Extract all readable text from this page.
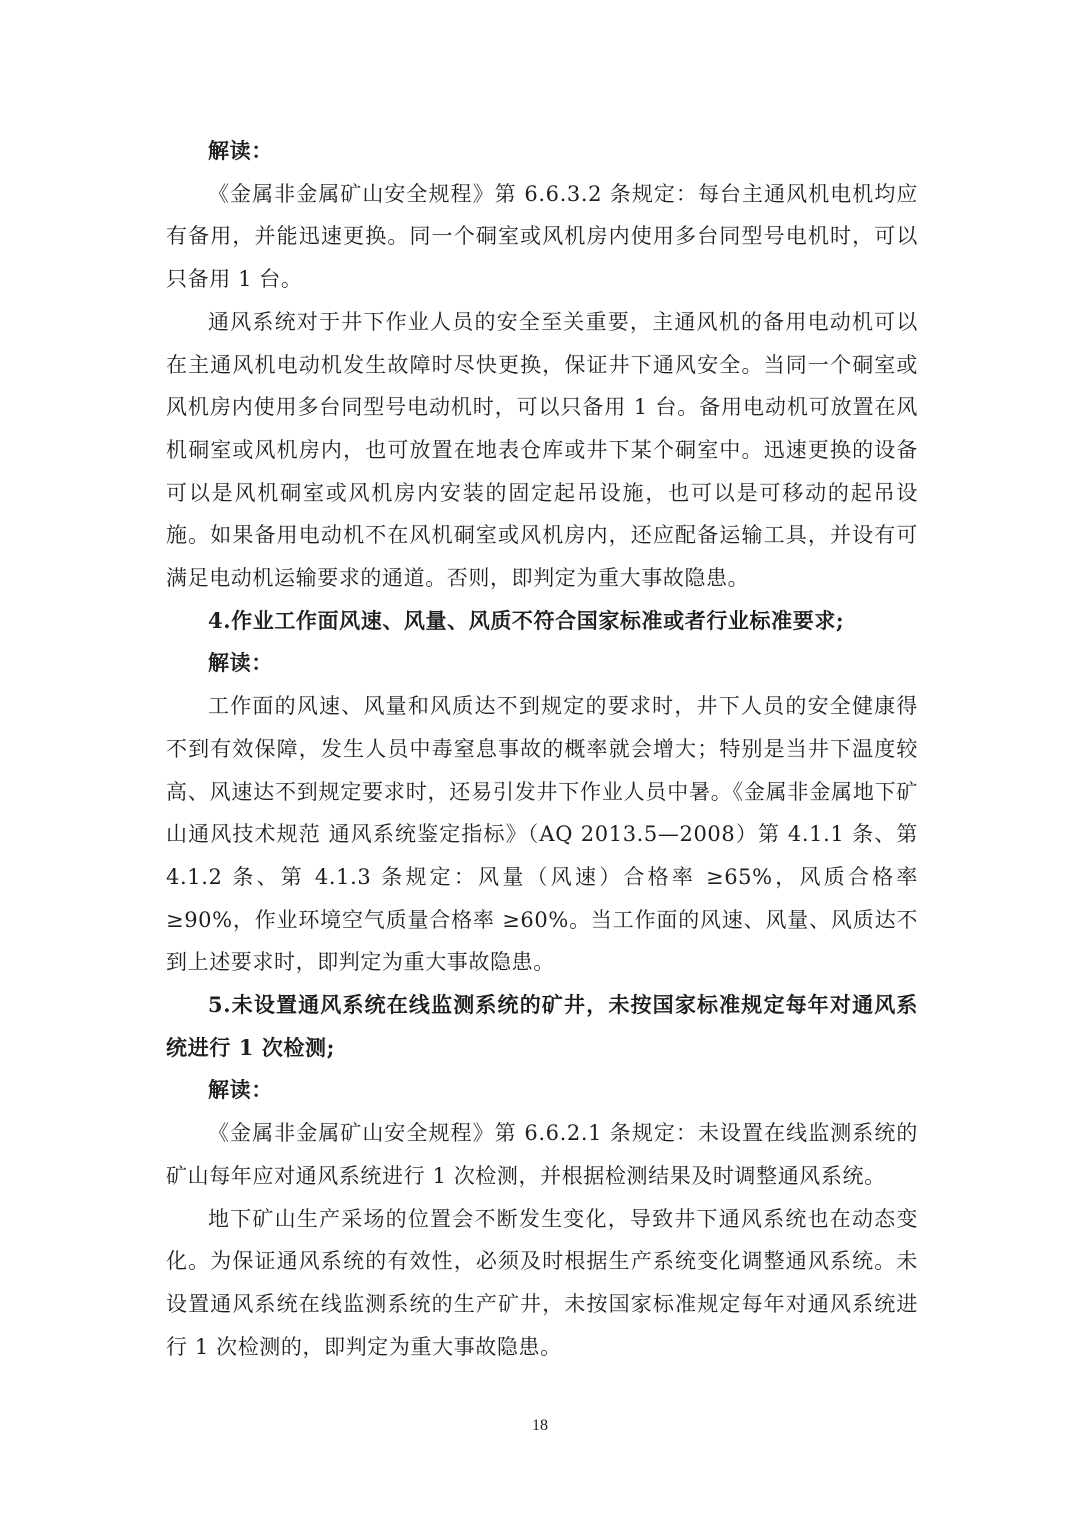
解读：

《金属非金属矿山安全规程》第 6.6.3.2 条规定：每台主通风机电机均应有备用，并能迅速更换。同一个硐室或风机房内使用多台同型号电机时，可以只备用 1 台。

通风系统对于井下作业人员的安全至关重要，主通风机的备用电动机可以在主通风机电动机发生故障时尽快更换，保证井下通风安全。当同一个硐室或风机房内使用多台同型号电动机时，可以只备用 1 台。备用电动机可放置在风机硐室或风机房内，也可放置在地表仓库或井下某个硐室中。迅速更换的设备可以是风机硐室或风机房内安装的固定起吊设施，也可以是可移动的起吊设施。如果备用电动机不在风机硐室或风机房内，还应配备运输工具，并设有可满足电动机运输要求的通道。否则，即判定为重大事故隐患。

4.作业工作面风速、风量、风质不符合国家标准或者行业标准要求;

解读：

工作面的风速、风量和风质达不到规定的要求时，井下人员的安全健康得不到有效保障，发生人员中毒窒息事故的概率就会增大；特别是当井下温度较高、风速达不到规定要求时，还易引发井下作业人员中暑。《金属非金属地下矿山通风技术规范 通风系统鉴定指标》（AQ 2013.5—2008）第 4.1.1 条、第 4.1.2 条、第 4.1.3 条规定：风量（风速）合格率 ≥65%，风质合格率 ≥90%，作业环境空气质量合格率 ≥60%。当工作面的风速、风量、风质达不到上述要求时，即判定为重大事故隐患。

5.未设置通风系统在线监测系统的矿井，未按国家标准规定每年对通风系统进行 1 次检测;

解读：

《金属非金属矿山安全规程》第 6.6.2.1 条规定：未设置在线监测系统的矿山每年应对通风系统进行 1 次检测，并根据检测结果及时调整通风系统。

地下矿山生产采场的位置会不断发生变化，导致井下通风系统也在动态变化。为保证通风系统的有效性，必须及时根据生产系统变化调整通风系统。未设置通风系统在线监测系统的生产矿井，未按国家标准规定每年对通风系统进行 1 次检测的，即判定为重大事故隐患。

18
